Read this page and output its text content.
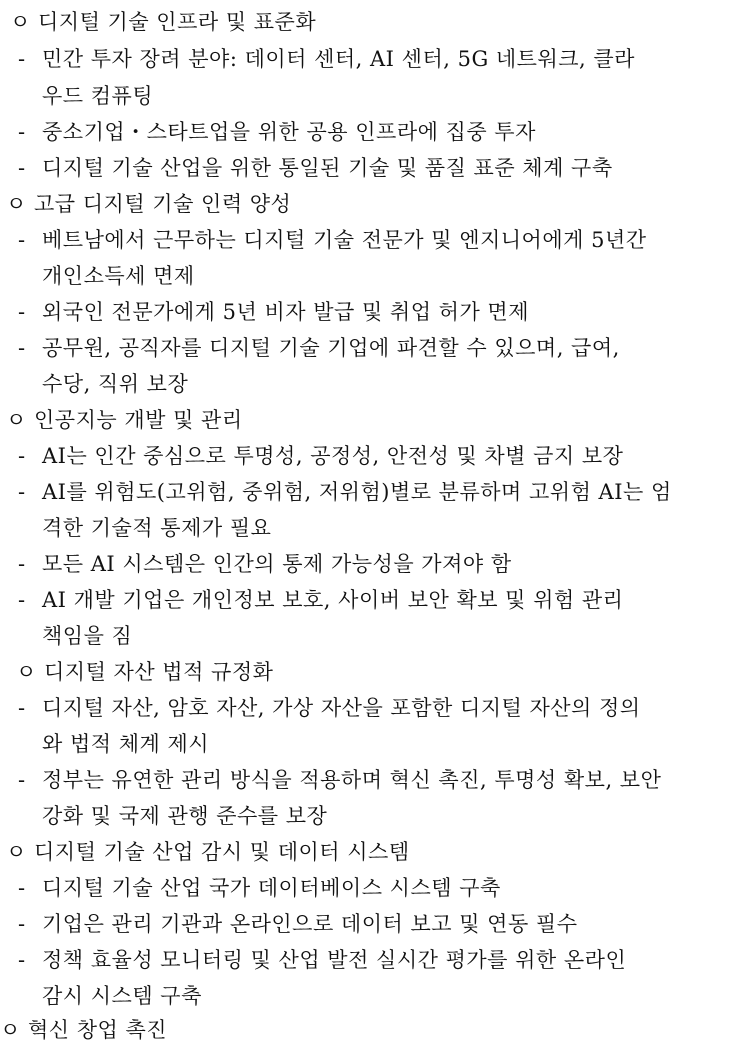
ㅇ 디지털 기술 인프라 및 표준화
- 민간 투자 장려 분야: 데이터 센터, AI 센터, 5G 네트워크, 클라
우드 컴퓨팅
- 중소기업・스타트업을 위한 공용 인프라에 집중 투자
- 디지털 기술 산업을 위한 통일된 기술 및 품질 표준 체계 구축
ㅇ 고급 디지털 기술 인력 양성
- 베트남에서 근무하는 디지털 기술 전문가 및 엔지니어에게 5년간
개인소득세 면제
- 외국인 전문가에게 5년 비자 발급 및 취업 허가 면제
- 공무원, 공직자를 디지털 기술 기업에 파견할 수 있으며, 급여,
수당, 직위 보장
ㅇ 인공지능 개발 및 관리
- AI는 인간 중심으로 투명성, 공정성, 안전성 및 차별 금지 보장
- AI를 위험도(고위험, 중위험, 저위험)별로 분류하며 고위험 AI는 엄
격한 기술적 통제가 필요
- 모든 AI 시스템은 인간의 통제 가능성을 가져야 함
- AI 개발 기업은 개인정보 보호, 사이버 보안 확보 및 위험 관리
책임을 짐
ㅇ 디지털 자산 법적 규정화
- 디지털 자산, 암호 자산, 가상 자산을 포함한 디지털 자산의 정의
와 법적 체계 제시
- 정부는 유연한 관리 방식을 적용하며 혁신 촉진, 투명성 확보, 보안
강화 및 국제 관행 준수를 보장
ㅇ 디지털 기술 산업 감시 및 데이터 시스템
- 디지털 기술 산업 국가 데이터베이스 시스템 구축
- 기업은 관리 기관과 온라인으로 데이터 보고 및 연동 필수
- 정책 효율성 모니터링 및 산업 발전 실시간 평가를 위한 온라인
감시 시스템 구축
ㅇ 혁신 창업 촉진
